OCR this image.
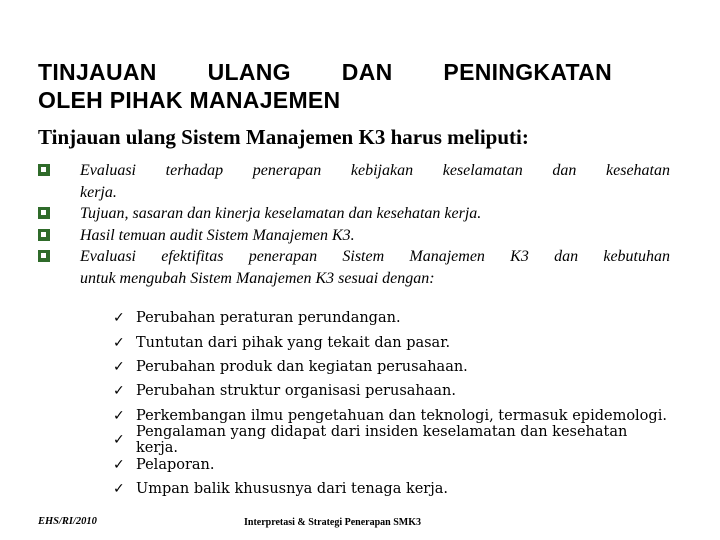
TINJAUAN ULANG DAN PENINGKATAN
OLEH PIHAK MANAJEMEN
Tinjauan ulang Sistem Manajemen K3 harus meliputi:
Evaluasi terhadap penerapan kebijakan keselamatan dan kesehatan
kerja.
Tujuan, sasaran dan kinerja keselamatan dan kesehatan kerja.
Hasil temuan audit Sistem Manajemen K3.
Evaluasi efektifitas penerapan Sistem Manajemen K3 dan kebutuhan
untuk mengubah Sistem Manajemen K3 sesuai dengan:
✓ Perubahan peraturan perundangan.
✓ Tuntutan dari pihak yang tekait dan pasar.
✓ Perubahan produk dan kegiatan perusahaan.
✓ Perubahan struktur organisasi perusahaan.
✓ Perkembangan ilmu pengetahuan dan teknologi, termasuk epidemologi.
✓ Pengalaman yang didapat dari insiden keselamatan dan kesehatan kerja.
✓ Pelaporan.
✓ Umpan balik khususnya dari tenaga kerja.
EHS/RI/2010	Interpretasi & Strategi Penerapan SMK3
